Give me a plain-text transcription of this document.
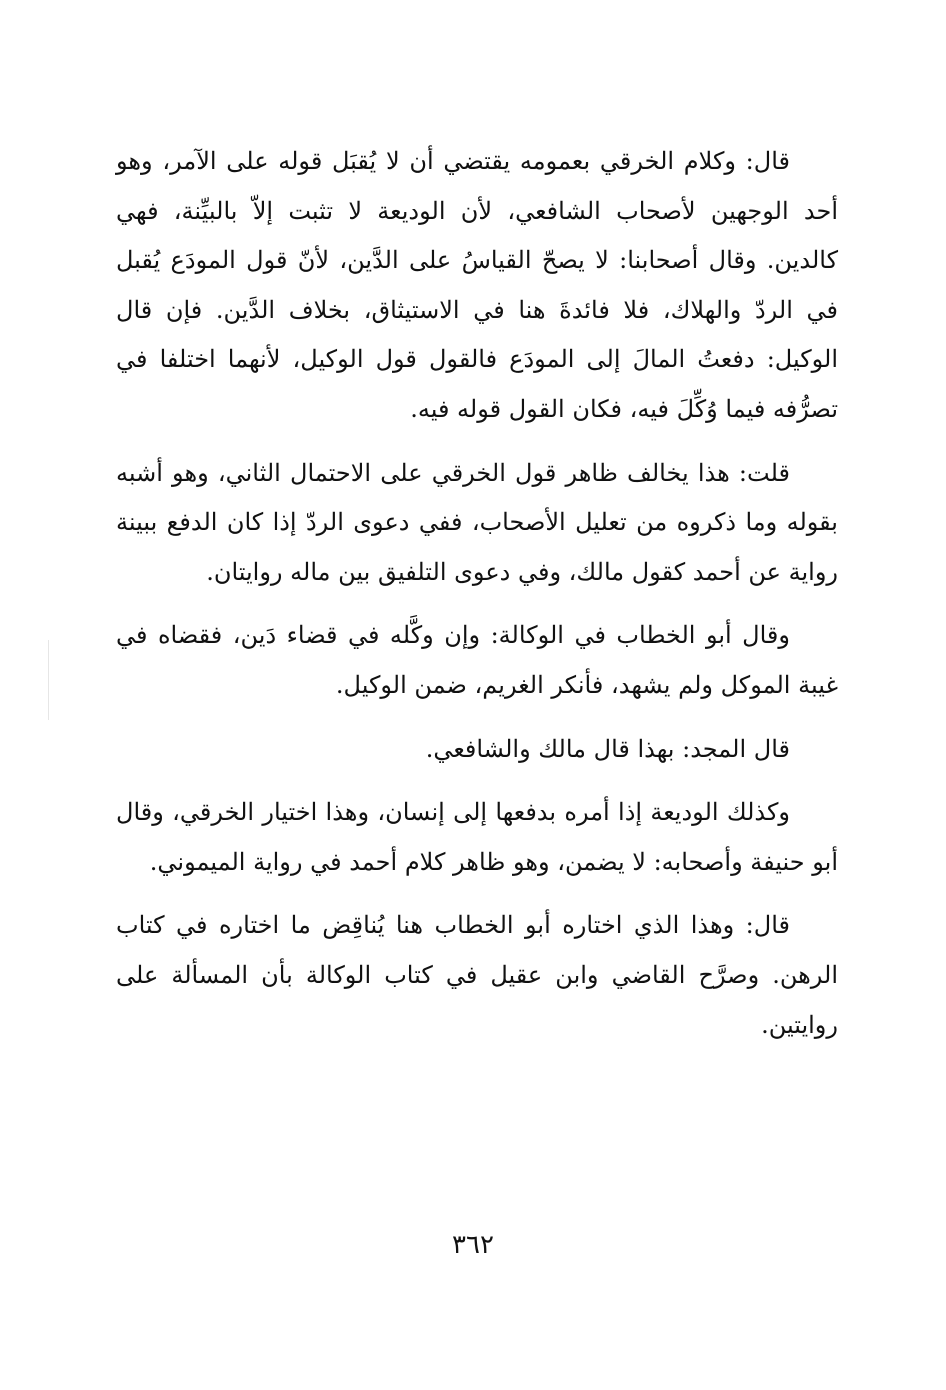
قال: وكلام الخرقي بعمومه يقتضي أن لا يُقبَل قوله على الآمر، وهو أحد الوجهين لأصحاب الشافعي، لأن الوديعة لا تثبت إلاّ بالبيِّنة، فهي كالدين. وقال أصحابنا: لا يصحّ القياسُ على الدَّين، لأنّ قول المودَع يُقبل في الردّ والهلاك، فلا فائدةَ هنا في الاستيثاق، بخلاف الدَّين. فإن قال الوكيل: دفعتُ المالَ إلى المودَع فالقول قول الوكيل، لأنهما اختلفا في تصرُّفه فيما وُكِّلَ فيه، فكان القول قوله فيه.

قلت: هذا يخالف ظاهر قول الخرقي على الاحتمال الثاني، وهو أشبه بقوله وما ذكروه من تعليل الأصحاب، ففي دعوى الردّ إذا كان الدفع ببينة رواية عن أحمد كقول مالك، وفي دعوى التلفيق بين ماله روايتان.

وقال أبو الخطاب في الوكالة: وإن وكَّله في قضاء دَين، فقضاه في غيبة الموكل ولم يشهد، فأنكر الغريم، ضمن الوكيل.

قال المجد: بهذا قال مالك والشافعي.

وكذلك الوديعة إذا أمره بدفعها إلى إنسان، وهذا اختيار الخرقي، وقال أبو حنيفة وأصحابه: لا يضمن، وهو ظاهر كلام أحمد في رواية الميموني.

قال: وهذا الذي اختاره أبو الخطاب هنا يُناقِض ما اختاره في كتاب الرهن. وصرَّح القاضي وابن عقيل في كتاب الوكالة بأن المسألة على روايتين.

٣٦٢
